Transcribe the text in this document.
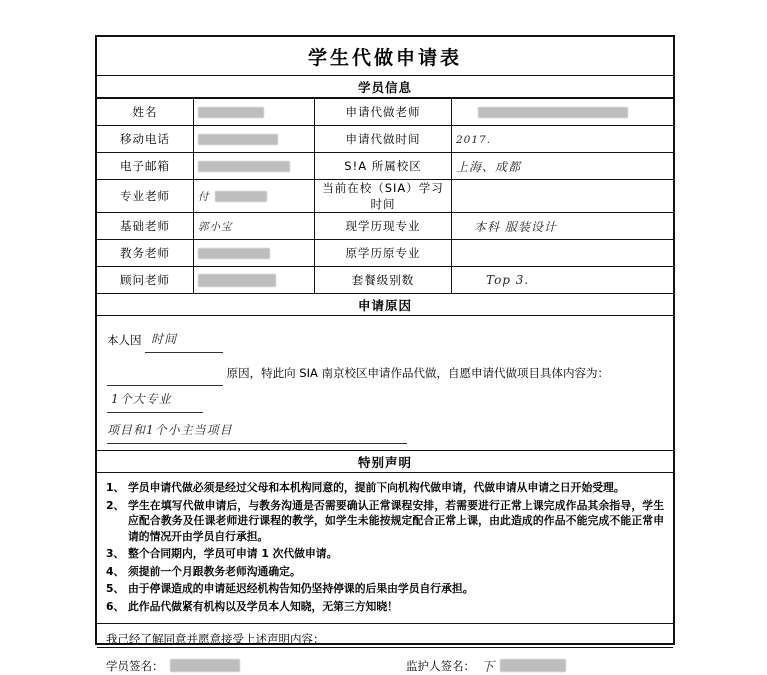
学生代做申请表
学员信息
姓名		申请代做老师	
移动电话		申请代做时间	2017.
电子邮箱		S!A 所属校区	上海、成都
专业老师	付	当前在校（SIA）学习时间	
基础老师	郭小宝	现学历现专业	本科 服装设计
教务老师		原学历原专业	
顾问老师		套餐级别数	Top 3.
申请原因
本人因 时间
原因，特此向 SIA 南京校区申请作品代做，自愿申请代做项目具体内容为： 1个大专业
项目和1个小主当项目
特别声明
1、 学员申请代做必须是经过父母和本机构同意的，提前下向机构代做申请，代做申请从申请之日开始受理。
2、 学生在填写代做申请后，与教务沟通是否需要确认正常课程安排，若需要进行正常上课完成作品其余指导，学生应配合教务及任课老师进行课程的教学，如学生未能按规定配合正常上课，由此造成的作品不能完成不能正常申请的情况开由学员自行承担。
3、 整个合同期内，学员可申请 1 次代做申请。
4、 须提前一个月跟教务老师沟通确定。
5、 由于停课造成的申请延迟经机构告知仍坚持停课的后果由学员自行承担。
6、 此作品代做紧有机构以及学员本人知晓，无第三方知晓！
我己经了解同意并愿意接受上述声明内容：
学员签名：	监护人签名： 下
